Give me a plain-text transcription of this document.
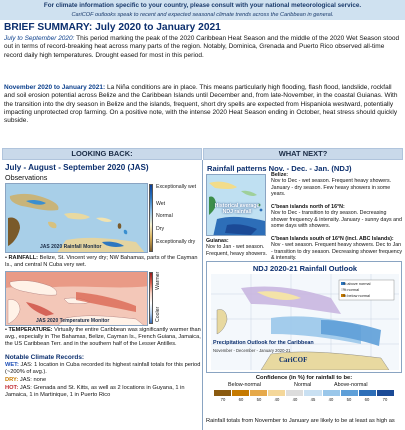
For climate information specific to your country, please consult with your national meteorological service.
CariCOF outlooks speak to recent and expected seasonal climate trends across the Caribbean in general.
BRIEF SUMMARY: July 2020 to January 2021
July to September 2020: This period marking the peak of the 2020 Caribbean Heat Season and the middle of the 2020 Wet Season stood out in terms of record-breaking heat across many parts of the region. Notably, Dominica, Grenada and Puerto Rico observed all-time record daily high temperatures. Drought eased for most in this period.
November 2020 to January 2021: La Niña conditions are in place. This means particularly high flooding, flash flood, landslide, rockfall and soil erosion potential across Belize and the Caribbean Islands until December and, from late-November, in the coastal Guianas. With the transition into the dry season in Belize and the islands, frequent, short dry spells are expected from Hispaniola westward, potentially impacting unprotected crop farming. On a positive note, with the intense 2020 Heat Season ending in October, heat stress should quickly subside.
LOOKING BACK:	WHAT NEXT?
July - August - September 2020 (JAS)
Observations
JAS 2020 Rainfall Monitor
Exceptionally wet
Wet
Normal
Dry
Exceptionally dry
• RAINFALL: Belize, St. Vincent very dry; NW Bahamas, parts of the Cayman Is., and central N Cuba very wet.
JAS 2020 Temperature Monitor
Warmer
Cooler
• TEMPERATURE: Virtually the entire Caribbean was significantly warmer than avg., especially in The Bahamas, Belize, Cayman Is., French Guiana, Jamaica, the US Caribbean Terr. and in the southern half of the Lesser Antilles.
Notable Climate Records:
WET: JAS: 1 location in Cuba recorded its highest rainfall totals for this period (~200% of avg.).
DRY: JAS: none
HOT: JAS: Grenada and St. Kitts, as well as 2 locations in Guyana, 1 in Jamaica, 1 in Martinique, 1 in Puerto Rico
Rainfall patterns Nov. - Dec. - Jan. (NDJ)
Historical average NDJ rainfall
Guianas:
Nov to Jan - wet season. Frequent, heavy showers.
Belize:
Nov to Dec - wet season. Frequent heavy showers. January - dry season. Few heavy showers in some years.
C'bean islands north of 16°N:
Nov to Dec - transition to dry season. Decreasing shower frequency & intensity. January - sunny days and some days with showers.
C'bean Islands south of 16°N (incl. ABC Islands):
Nov - wet season. Frequent heavy showers. Dec to Jan - transition to dry season. Decreasing shower frequency & intensity.
NDJ 2020-21 Rainfall Outlook
% above normal
% normal
% below normal
Precipitation Outlook for the Caribbean
November - December - January 2020-21
CariCOF
Confidence (in %) for rainfall to be:
Below-normal	Normal	Above-normal
70	60	50	40	40	45	40	50	60	70
Rainfall totals from November to January are likely to be at least as high as
